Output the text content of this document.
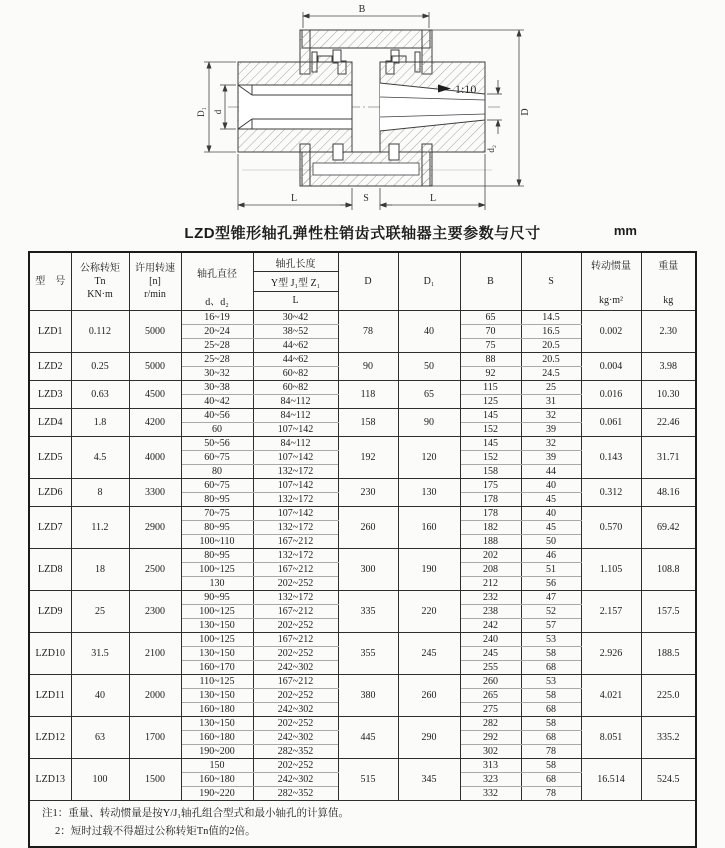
1:10
B
D
d₂
D₁ d
L	S	L
LZD型锥形轴孔弹性柱销齿式联轴器主要参数与尺寸	mm
型　号

公称转矩
Tn
KN·m

许用转速
[n]
r/min

轴孔直径
d、d₂

轴孔长度
Y型 J₁型 Z₁
L

D	D₁	B	S

转动惯量
kg·m²

重量
kg

LZD1	0.112	5000	16~19	30~42	78	40	65	14.5	0.002	2.30
			20~24	38~52			70	16.5		
			25~28	44~62			75	20.5		
LZD2	0.25	5000	25~28	44~62	90	50	88	20.5	0.004	3.98
			30~32	60~82			92	24.5		
LZD3	0.63	4500	30~38	60~82	118	65	115	25	0.016	10.30
			40~42	84~112			125	31		
LZD4	1.8	4200	40~56	84~112	158	90	145	32	0.061	22.46
			60	107~142			152	39		
LZD5	4.5	4000	50~56	84~112	192	120	145	32	0.143	31.71
			60~75	107~142			152	39		
			80	132~172			158	44		
LZD6	8	3300	60~75	107~142	230	130	175	40	0.312	48.16
			80~95	132~172			178	45		
LZD7	11.2	2900	70~75	107~142	260	160	178	40	0.570	69.42
			80~95	132~172			182	45		
			100~110	167~212			188	50		
LZD8	18	2500	80~95	132~172	300	190	202	46	1.105	108.8
			100~125	167~212			208	51		
			130	202~252			212	56		
LZD9	25	2300	90~95	132~172	335	220	232	47	2.157	157.5
			100~125	167~212			238	52		
			130~150	202~252			242	57		
LZD10	31.5	2100	100~125	167~212	355	245	240	53	2.926	188.5
			130~150	202~252			245	58		
			160~170	242~302			255	68		
LZD11	40	2000	110~125	167~212	380	260	260	53	4.021	225.0
			130~150	202~252			265	58		
			160~180	242~302			275	68		
LZD12	63	1700	130~150	202~252	445	290	282	58	8.051	335.2
			160~180	242~302			292	68		
			190~200	282~352			302	78		
LZD13	100	1500	150	202~252	515	345	313	58	16.514	524.5
			160~180	242~302			323	68		
			190~220	282~352			332	78		

注1：重量、转动惯量是按Y/J₁轴孔组合型式和最小轴孔的计算值。
2：短时过载不得超过公称转矩Tn值的2倍。										
